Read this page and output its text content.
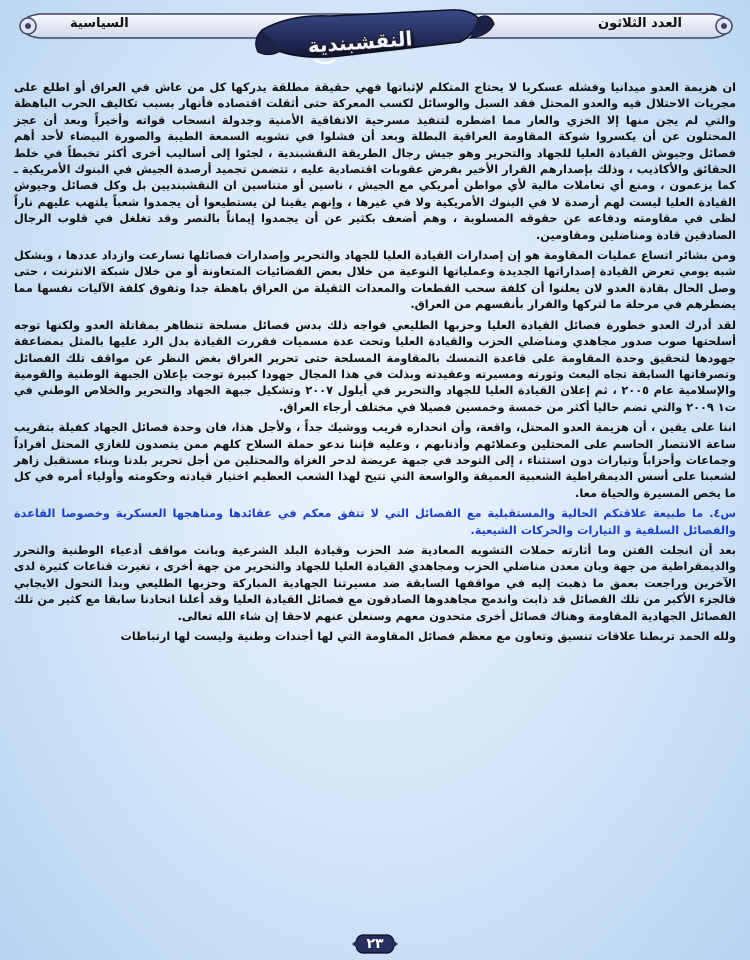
العدد الثلاثون
السياسية
النقشبندية

ان هزيمة العدو ميدانيا وفشله عسكريا لا يحتاج المتكلم لإثباتها فهي حقيقة مطلقة يدركها كل من عاش في العراق أو اطلع على مجريات الاحتلال فيه والعدو المحتل فقد السبل والوسائل لكسب المعركة حتى أثقلت اقتصاده فأنهار بسبب تكاليف الحرب الباهظة والتي لم يجن منها إلا الخزي والعار مما اضطره لتنفيذ مسرحية الاتفاقية الأمنية وجدولة انسحاب قواته وأخيراً وبعد أن عجز المحتلون عن أن يكسروا شوكة المقاومة العراقية البطلة وبعد أن فشلوا في تشويه السمعة الطيبة والصورة البيضاء لأحد أهم فصائل وجيوش القيادة العليا للجهاد والتحرير وهو جيش رجال الطريقة النقشبندية ، لجئوا إلى أساليب أخرى أكثر تخبطاً في خلط الحقائق والأكاذيب ، وذلك بإصدارهم القرار الأخير بفرض عقوبات اقتصادية عليه ، تتضمن تجميد أرصدة الجيش في البنوك الأمريكية ـ كما يزعمون ، ومنع أي تعاملات مالية لأي مواطن أمريكي مع الجيش ، ناسين أو متناسين ان النقشبنديين بل وكل فصائل وجيوش القيادة العليا ليست لهم أرصدة لا في البنوك الأمريكية ولا في غيرها ، وإنهم يقينا لن يستطيعوا أن يجمدوا شعباً يلتهب عليهم ناراً لظى في مقاومته ودفاعه عن حقوقه المسلوبة ، وهم أضعف بكثير عن أن يجمدوا إيماناً بالنصر وقد تغلغل في قلوب الرجال الصادقين قادة ومناضلين ومقاومين.

ومن بشائر اتساع عمليات المقاومة هو إن إصدارات القيادة العليا للجهاد والتحرير وإصدارات فصائلها تسارعت وازداد عددها ، وبشكل شبه يومي تعرض القيادة إصداراتها الجديدة وعملياتها النوعية من خلال بعض الفضائيات المتعاونة أو من خلال شبكة الانترنت ، حتى وصل الحال بقادة العدو لان يعلنوا أن كلفة سحب القطعات والمعدات الثقيلة من العراق باهظة جدا وتفوق كلفة الآليات نفسها مما يضطرهم في مرحلة ما لتركها والفرار بأنفسهم من العراق.

لقد أدرك العدو خطورة فصائل القيادة العليا وحزبها الطليعي فواجه ذلك بدس فصائل مسلحة تتظاهر بمقاتلة العدو ولكنها توجه أسلحتها صوب صدور مجاهدي ومناضلي الحزب والقيادة العليا وتحت عدة مسميات فقررت القيادة بدل الرد عليها بالمثل بمضاعفة جهودها لتحقيق وحدة المقاومة على قاعدة التمسك بالمقاومة المسلحة حتى تحرير العراق بغض النظر عن مواقف تلك الفصائل وتصرفاتها السابقة تجاه البعث وثورته ومسيرته وعقيدته وبذلت في هذا المجال جهودا كبيرة توجت بإعلان الجبهة الوطنية والقومية والإسلامية عام ٢٠٠٥ ، ثم إعلان القيادة العليا للجهاد والتحرير في أيلول ٢٠٠٧ وتشكيل جبهة الجهاد والتحرير والخلاص الوطني في ت١ ٢٠٠٩ والتي تضم حاليا أكثر من خمسة وخمسين فصيلا في مختلف أرجاء العراق.

اننا على يقين ، أن هزيمة العدو المحتل، واقعة، وأن انحداره قريب ووشيك جداً ، ولأجل هذا، فان وحدة فصائل الجهاد كفيلة بتقريب ساعة الانتصار الحاسم على المحتلين وعملائهم وأذنابهم ، وعليه فإننا ندعو حملة السلاح كلهم ممن يتصدون للغازي المحتل أفراداً وجماعات وأحزاباً وتيارات دون استثناء ، إلى التوحد في جبهة عريضة لدحر الغزاة والمحتلين من أجل تحرير بلدنا وبناء مستقبل زاهر لشعبنا على أسس الديمقراطية الشعبية العميقة والواسعة التي تتيح لهذا الشعب العظيم اختيار قيادته وحكومته وأولياء أمره في كل ما يخص المسيرة والحياة معا.

س٤. ما طبيعة علاقتكم الحالية والمستقبلية مع الفصائل التي لا تتفق معكم في عقائدها ومناهجها العسكرية وخصوصا القاعدة والفصائل السلفية و التيارات والحركات الشيعية.

بعد أن انجلت الفتن وما أثارته حملات التشويه المعادية ضد الحزب وقيادة البلد الشرعية وبانت مواقف أدعياء الوطنية والتحرر والديمقراطية من جهة وبان معدن مناضلي الحزب ومجاهدي القيادة العليا للجهاد والتحرير من جهة أخرى ، تغيرت قناعات كثيرة لدى الآخرين وراجعت بعمق ما ذهبت إليه في مواقفها السابقة ضد مسيرتنا الجهادية المباركة وحزبها الطليعي وبدأ التحول الايجابي فالجزء الأكبر من تلك الفصائل قد ذابت واندمج مجاهدوها الصادقون مع فصائل القيادة العليا وقد أعلنا اتحادنا سابقا مع كثير من تلك الفصائل الجهادية المقاومة وهناك فصائل أخرى متحدون معهم وسنعلن عنهم لاحقا إن شاء الله تعالى.

ولله الحمد تربطنا علاقات تنسيق وتعاون مع معظم فصائل المقاومة التي لها أجندات وطنية وليست لها ارتباطات

٢٣
